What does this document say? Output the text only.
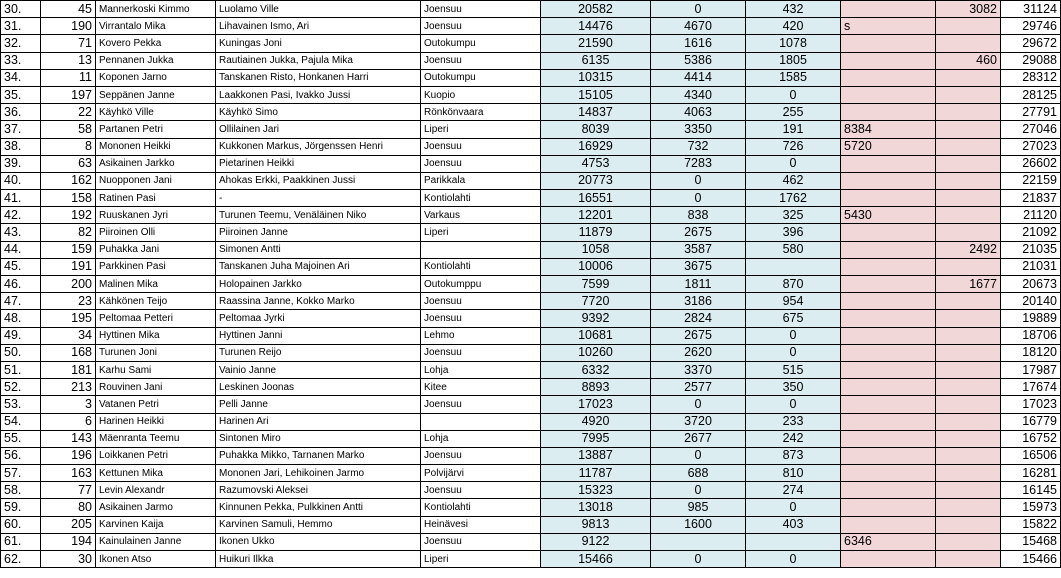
30.	45	Mannerkoski Kimmo	Luolamo Ville	Joensuu	20582	0	432		3082	31124
31.	190	Virrantalo Mika	Lihavainen Ismo, Ari	Joensuu	14476	4670	420	s		29746
32.	71	Kovero Pekka	Kuningas Joni	Outokumpu	21590	1616	1078			29672
33.	13	Pennanen Jukka	Rautiainen Jukka, Pajula Mika	Joensuu	6135	5386	1805		460	29088
34.	11	Koponen Jarno	Tanskanen Risto, Honkanen Harri	Outokumpu	10315	4414	1585			28312
35.	197	Seppänen Janne	Laakkonen Pasi, Ivakko Jussi	Kuopio	15105	4340	0			28125
36.	22	Käyhkö Ville	Käyhkö Simo	Rönkönvaara	14837	4063	255			27791
37.	58	Partanen Petri	Ollilainen Jari	Liperi	8039	3350	191	8384		27046
38.	8	Mononen Heikki	Kukkonen Markus, Jörgenssen Henri	Joensuu	16929	732	726	5720		27023
39.	63	Asikainen Jarkko	Pietarinen Heikki	Joensuu	4753	7283	0			26602
40.	162	Nuopponen Jani	Ahokas Erkki, Paakkinen Jussi	Parikkala	20773	0	462			22159
41.	158	Ratinen Pasi	-	Kontiolahti	16551	0	1762			21837
42.	192	Ruuskanen Jyri	Turunen Teemu, Venäläinen Niko	Varkaus	12201	838	325	5430		21120
43.	82	Piiroinen Olli	Piiroinen Janne	Liperi	11879	2675	396			21092
44.	159	Puhakka Jani	Simonen Antti		1058	3587	580		2492	21035
45.	191	Parkkinen Pasi	Tanskanen Juha Majoinen Ari	Kontiolahti	10006	3675				21031
46.	200	Malinen Mika	Holopainen Jarkko	Outokumppu	7599	1811	870		1677	20673
47.	23	Kähkönen Teijo	Raassina Janne, Kokko Marko	Joensuu	7720	3186	954			20140
48.	195	Peltomaa Petteri	Peltomaa Jyrki	Joensuu	9392	2824	675			19889
49.	34	Hyttinen Mika	Hyttinen Janni	Lehmo	10681	2675	0			18706
50.	168	Turunen Joni	Turunen Reijo	Joensuu	10260	2620	0			18120
51.	181	Karhu Sami	Vainio Janne	Lohja	6332	3370	515			17987
52.	213	Rouvinen Jani	Leskinen Joonas	Kitee	8893	2577	350			17674
53.	3	Vatanen Petri	Pelli Janne	Joensuu	17023	0	0			17023
54.	6	Harinen Heikki	Harinen Ari		4920	3720	233			16779
55.	143	Mäenranta Teemu	Sintonen Miro	Lohja	7995	2677	242			16752
56.	196	Loikkanen Petri	Puhakka Mikko, Tarnanen Marko	Joensuu	13887	0	873			16506
57.	163	Kettunen Mika	Mononen Jari, Lehikoinen Jarmo	Polvijärvi	11787	688	810			16281
58.	77	Levin Alexandr	Razumovski Aleksei	Joensuu	15323	0	274			16145
59.	80	Asikainen Jarmo	Kinnunen Pekka, Pulkkinen Antti	Kontiolahti	13018	985	0			15973
60.	205	Karvinen Kaija	Karvinen Samuli, Hemmo	Heinävesi	9813	1600	403			15822
61.	194	Kainulainen Janne	Ikonen Ukko	Joensuu	9122			6346		15468
62.	30	Ikonen Atso	Huikuri Ilkka	Liperi	15466	0	0			15466
